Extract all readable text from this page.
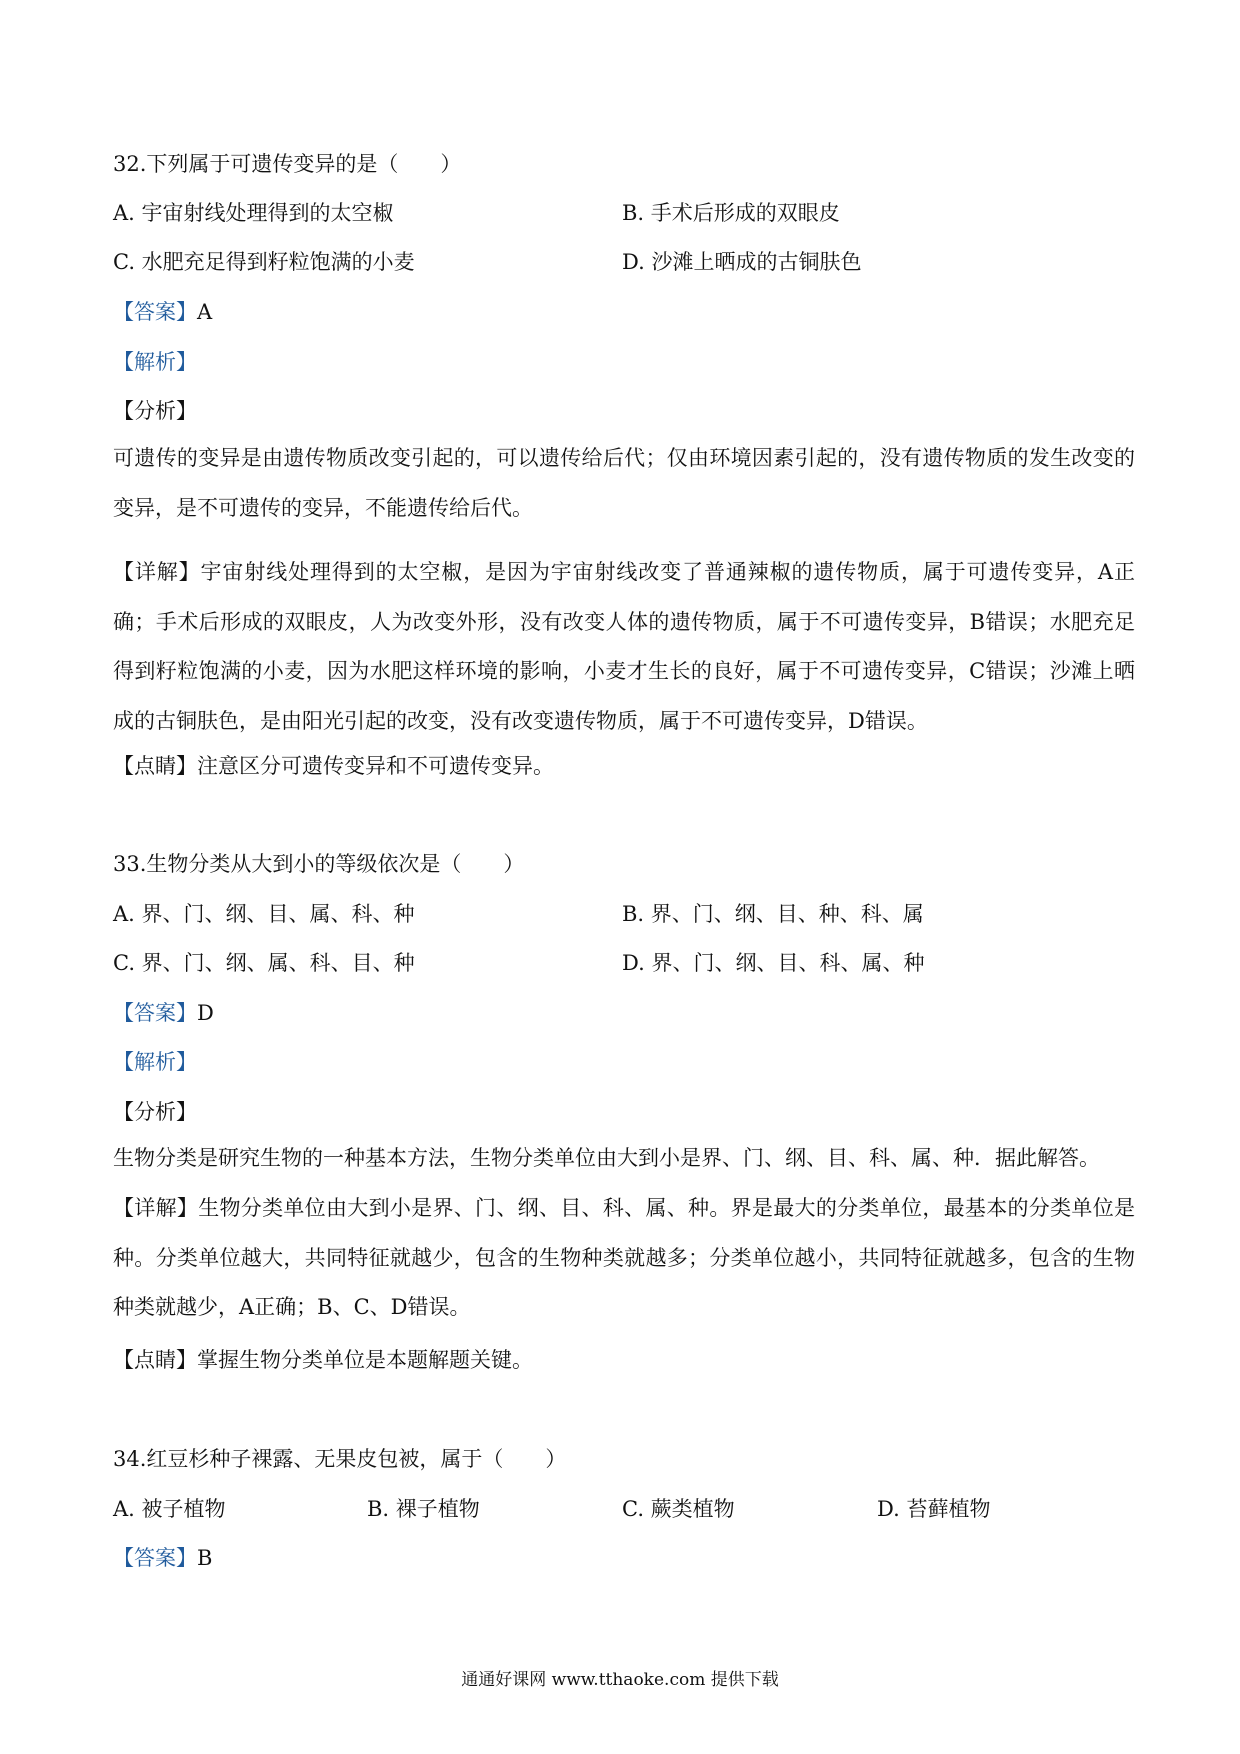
32.下列属于可遗传变异的是（　　）
A. 宇宙射线处理得到的太空椒	B. 手术后形成的双眼皮
C. 水肥充足得到籽粒饱满的小麦	D. 沙滩上晒成的古铜肤色
【答案】A
【解析】
【分析】
可遗传的变异是由遗传物质改变引起的，可以遗传给后代；仅由环境因素引起的，没有遗传物质的发生改变的变异，是不可遗传的变异，不能遗传给后代。
【详解】宇宙射线处理得到的太空椒，是因为宇宙射线改变了普通辣椒的遗传物质，属于可遗传变异，A正确；手术后形成的双眼皮，人为改变外形，没有改变人体的遗传物质，属于不可遗传变异，B错误；水肥充足得到籽粒饱满的小麦，因为水肥这样环境的影响，小麦才生长的良好，属于不可遗传变异，C错误；沙滩上晒成的古铜肤色，是由阳光引起的改变，没有改变遗传物质，属于不可遗传变异，D错误。
【点睛】注意区分可遗传变异和不可遗传变异。
33.生物分类从大到小的等级依次是（　　）
A. 界、门、纲、目、属、科、种	B. 界、门、纲、目、种、科、属
C. 界、门、纲、属、科、目、种	D. 界、门、纲、目、科、属、种
【答案】D
【解析】
【分析】
生物分类是研究生物的一种基本方法，生物分类单位由大到小是界、门、纲、目、科、属、种．据此解答。
【详解】生物分类单位由大到小是界、门、纲、目、科、属、种。界是最大的分类单位，最基本的分类单位是种。分类单位越大，共同特征就越少，包含的生物种类就越多；分类单位越小，共同特征就越多，包含的生物种类就越少，A正确；B、C、D错误。
【点睛】掌握生物分类单位是本题解题关键。
34.红豆杉种子裸露、无果皮包被，属于（　　）
A. 被子植物	B. 裸子植物	C. 蕨类植物	D. 苔藓植物
【答案】B
通通好课网 www.tthaoke.com 提供下载
